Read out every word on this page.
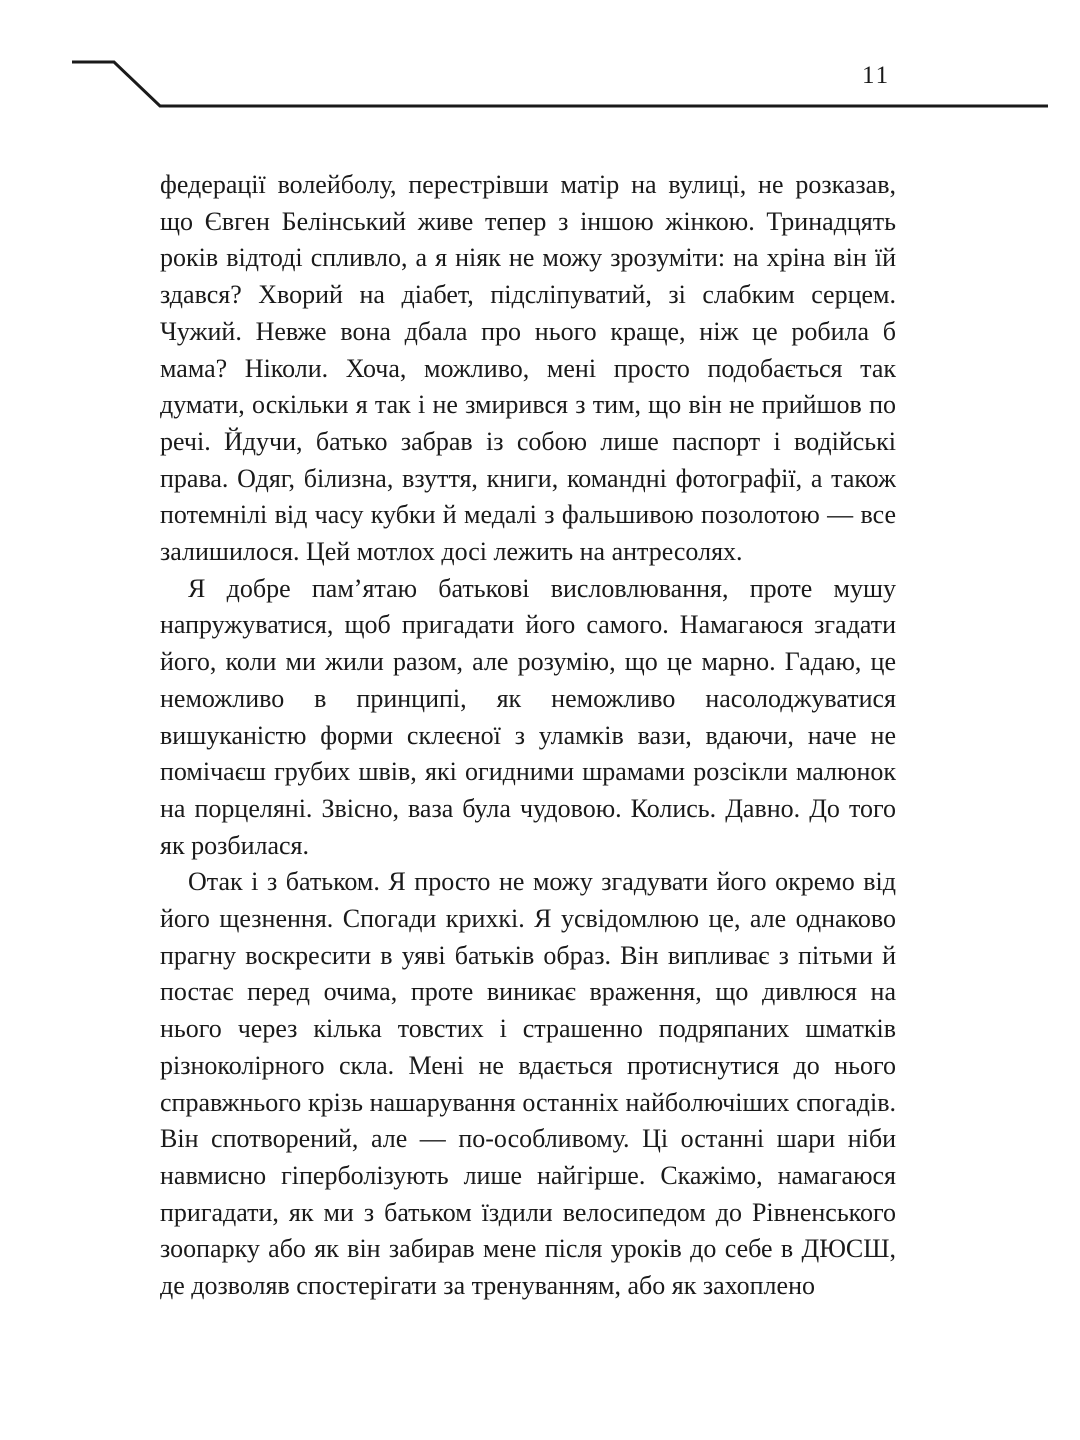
11

федерації волейболу, перестрівши матір на вулиці, не розказав, що Євген Белінський живе тепер з іншою жінкою. Тринадцять років відтоді спливло, а я ніяк не можу зрозуміти: на хріна він їй здався? Хворий на діабет, підсліпуватий, зі слабким серцем. Чужий. Невже вона дбала про нього краще, ніж це робила б мама? Ніколи. Хоча, можливо, мені просто подобається так думати, оскільки я так і не змирився з тим, що він не прийшов по речі. Йдучи, батько забрав із собою лише паспорт і водійські права. Одяг, білизна, взуття, книги, командні фотографії, а також потемнілі від часу кубки й медалі з фальшивою позолотою — все залишилося. Цей мотлох досі лежить на антресолях.

Я добре пам’ятаю батькові висловлювання, проте мушу напружуватися, щоб пригадати його самого. Намагаюся згадати його, коли ми жили разом, але розумію, що це марно. Гадаю, це неможливо в принципі, як неможливо насолоджуватися вишуканістю форми склеєної з уламків вази, вдаючи, наче не помічаєш грубих швів, які огидними шрамами розсікли малюнок на порцеляні. Звісно, ваза була чудовою. Колись. Давно. До того як розбилася.

Отак і з батьком. Я просто не можу згадувати його окремо від його щезнення. Спогади крихкі. Я усвідомлюю це, але однаково прагну воскресити в уяві батьків образ. Він випливає з пітьми й постає перед очима, проте виникає враження, що дивлюся на нього через кілька товстих і страшенно подряпаних шматків різноколірного скла. Мені не вдається протиснутися до нього справжнього крізь нашарування останніх найболючіших спогадів. Він спотворений, але — по-особливому. Ці останні шари ніби навмисно гіперболізують лише найгірше. Скажімо, намагаюся пригадати, як ми з батьком їздили велосипедом до Рівненського зоопарку або як він забирав мене після уроків до себе в ДЮСШ, де дозволяв спостерігати за тренуванням, або як захоплено
